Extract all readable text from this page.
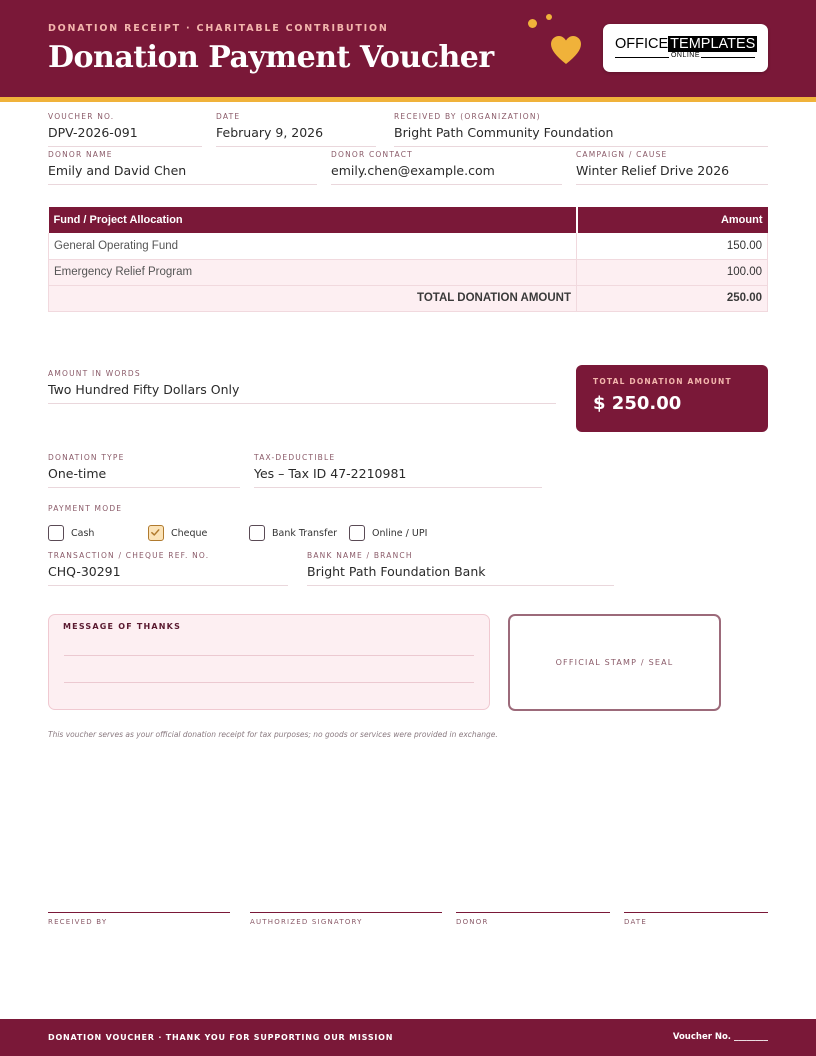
DONATION RECEIPT · CHARITABLE CONTRIBUTION
Donation Payment Voucher	OFFICE TEMPLATES
ONLINE
VOUCHER NO.
DPV-2026-091
DATE
February 9, 2026
RECEIVED BY (ORGANIZATION)
Bright Path Community Foundation
DONOR NAME
Emily and David Chen
DONOR CONTACT
emily.chen@example.com
CAMPAIGN / CAUSE
Winter Relief Drive 2026
Fund / Project Allocation	Amount
General Operating Fund	150.00
Emergency Relief Program	100.00
TOTAL DONATION AMOUNT	250.00
AMOUNT IN WORDS
Two Hundred Fifty Dollars Only
TOTAL DONATION AMOUNT
$ 250.00
DONATION TYPE
One-time
TAX-DEDUCTIBLE
Yes – Tax ID 47-2210981
PAYMENT MODE
Cash	Cheque	Bank Transfer	Online / UPI
TRANSACTION / CHEQUE REF. NO.
CHQ-30291
BANK NAME / BRANCH
Bright Path Foundation Bank
MESSAGE OF THANKS
OFFICIAL STAMP / SEAL
This voucher serves as your official donation receipt for tax purposes; no goods or services were provided in exchange.
RECEIVED BY	AUTHORIZED SIGNATORY	DONOR	DATE
DONATION VOUCHER · THANK YOU FOR SUPPORTING OUR MISSION	Voucher No. ________
